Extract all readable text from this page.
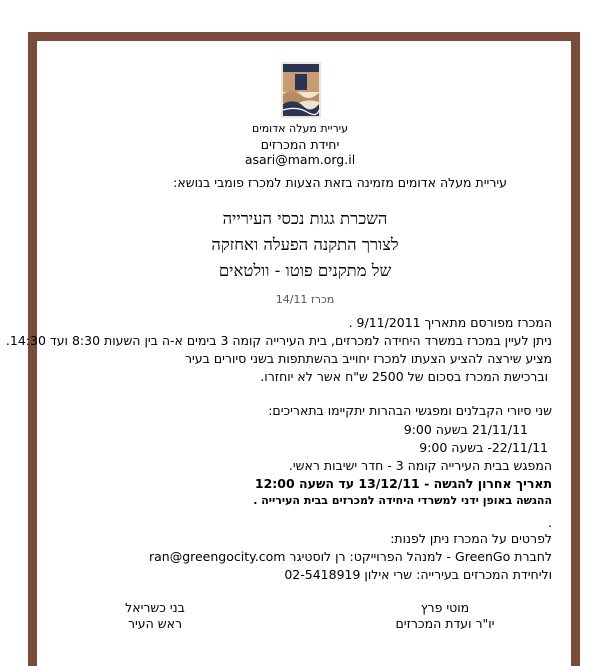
עיריית מעלה אדומים
יחידת המכרזים
asari@mam.org.il
עיריית מעלה אדומים מזמינה בזאת הצעות למכרז פומבי בנושא:
השכרת גגות נכסי העירייה
לצורך התקנה הפעלה ואחזקה
של מתקנים פוטו - וולטאים
מכרז 14/11
המכרז מפורסם מתאריך 9/11/2011 .
ניתן לעיין במכרז במשרד היחידה למכרזים, בית העירייה קומה 3 בימים א-ה בין השעות 8:30 ועד 14:30.
מציע שירצה להציע הצעתו למכרז יחוייב בהשתתפות בשני סיורים בעיר
וברכישת המכרז בסכום של 2500 ש"ח אשר לא יוחזרו.
שני סיורי הקבלנים ומפגשי הבהרות יתקיימו בתאריכים:
21/11/11 בשעה 9:00
22/11/11- בשעה 9:00
המפגש בבית העירייה קומה 3 - חדר ישיבות ראשי.
תאריך אחרון להגשה - 13/12/11 עד השעה 12:00
ההגשה באופן ידני למשרדי היחידה למכרזים בבית העירייה .
.
לפרטים על המכרז ניתן לפנות:
לחברת GreenGo - למנהל הפרוייקט: רן לוסטיגר ran@greengocity.com
וליחידת המכרזים בעירייה: שרי אילון 02-5418919
מוטי פרץ
יו"ר ועדת המכרזים
בני כשריאל
ראש העיר
